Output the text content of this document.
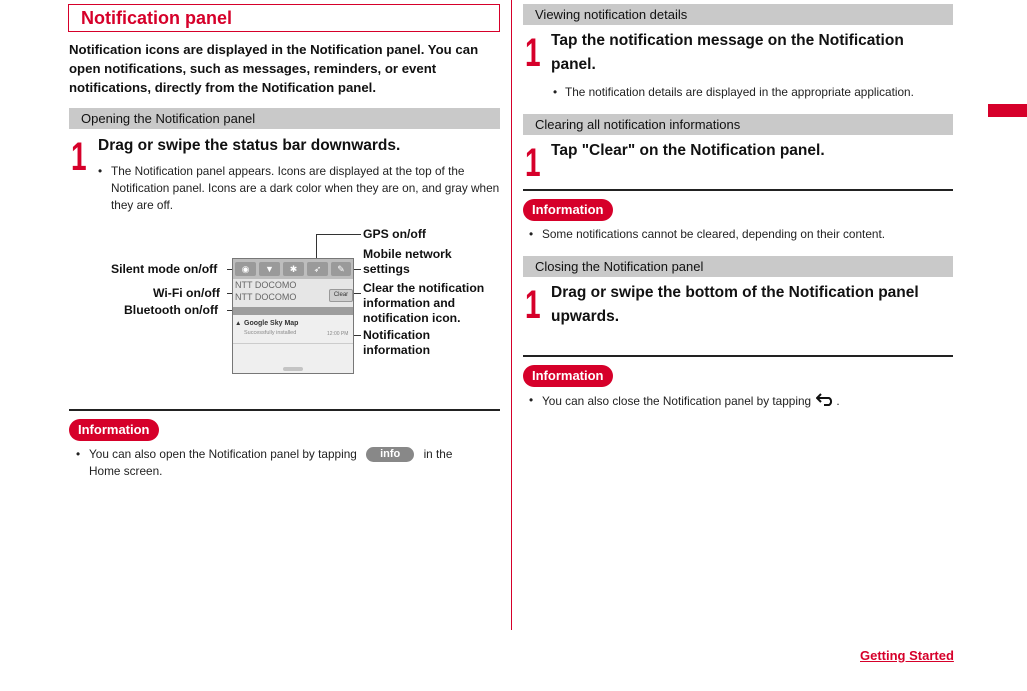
Notification panel
Notification icons are displayed in the Notification panel. You can open notifications, such as messages, reminders, or event notifications, directly from the Notification panel.
Opening the Notification panel
1 Drag or swipe the status bar downwards.
• The Notification panel appears. Icons are displayed at the top of the Notification panel. Icons are a dark color when they are on, and gray when they are off.
Silent mode on/off
Wi-Fi on/off
Bluetooth on/off
GPS on/off
Mobile network settings
Clear the notification information and notification icon.
Notification information
◉	▼	✱	➶	✎
NTT DOCOMO
NTT DOCOMO	Clear
▲ Google Sky Map
Successfully installed	12:00 PM
Information
• You can also open the Notification panel by tapping info in the
Home screen.
Viewing notification details
1 Tap the notification message on the Notification
panel.
• The notification details are displayed in the appropriate application.
Clearing all notification informations
1 Tap "Clear" on the Notification panel.
Information
• Some notifications cannot be cleared, depending on their content.
Closing the Notification panel
1 Drag or swipe the bottom of the Notification panel
upwards.
Information
• You can also close the Notification panel by tapping .
Getting Started
